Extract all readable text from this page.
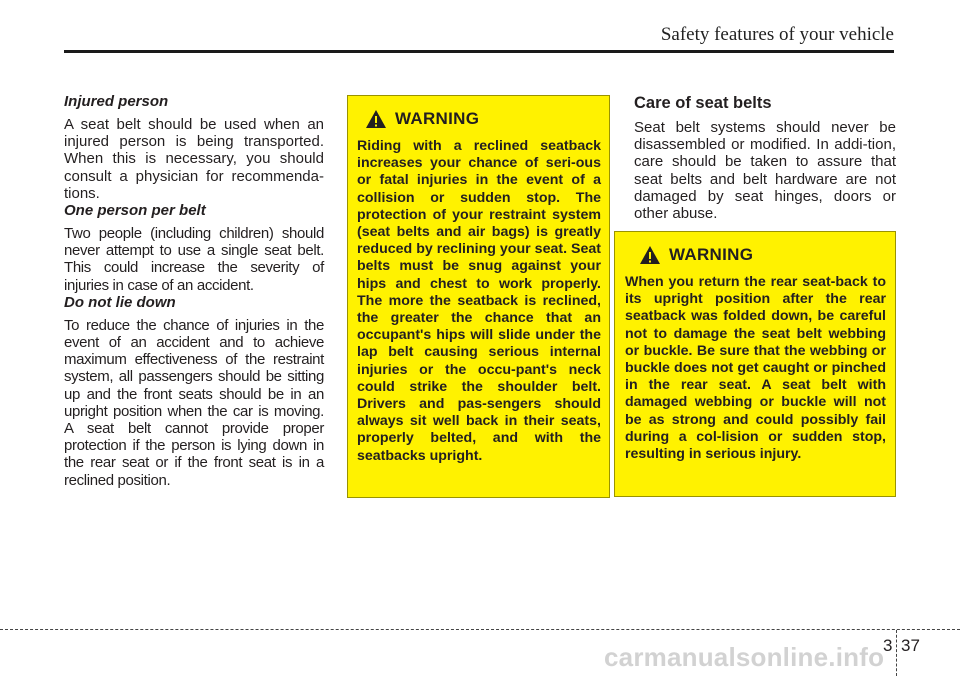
Safety features of your vehicle
Injured person

A seat belt should be used when an injured person is being transported. When this is necessary, you should consult a physician for recommenda-tions.

One person per belt

Two people (including children) should never attempt to use a single seat belt. This could increase the severity of injuries in case of an accident.

Do not lie down

To reduce the chance of injuries in the event of an accident and to achieve maximum effectiveness of the restraint system, all passengers should be sitting up and the front seats should be in an upright position when the car is moving. A seat belt cannot provide proper protection if the person is lying down in the rear seat or if the front seat is in a reclined position.

WARNING

Riding with a reclined seatback increases your chance of seri-ous or fatal injuries in the event of a collision or sudden stop. The protection of your restraint system (seat belts and air bags) is greatly reduced by reclining your seat. Seat belts must be snug against your hips and chest to work properly. The more the seatback is reclined, the greater the chance that an occupant's hips will slide under the lap belt causing serious internal injuries or the occu-pant's neck could strike the shoulder belt. Drivers and pas-sengers should always sit well back in their seats, properly belted, and with the seatbacks upright.

Care of seat belts

Seat belt systems should never be disassembled or modified. In addi-tion, care should be taken to assure that seat belts and belt hardware are not damaged by seat hinges, doors or other abuse.

WARNING

When you return the rear seat-back to its upright position after the rear seatback was folded down, be careful not to damage the seat belt webbing or buckle. Be sure that the webbing or buckle does not get caught or pinched in the rear seat. A seat belt with damaged webbing or buckle will not be as strong and could possibly fail during a col-lision or sudden stop, resulting in serious injury.

carmanualsonline.info
3 37
